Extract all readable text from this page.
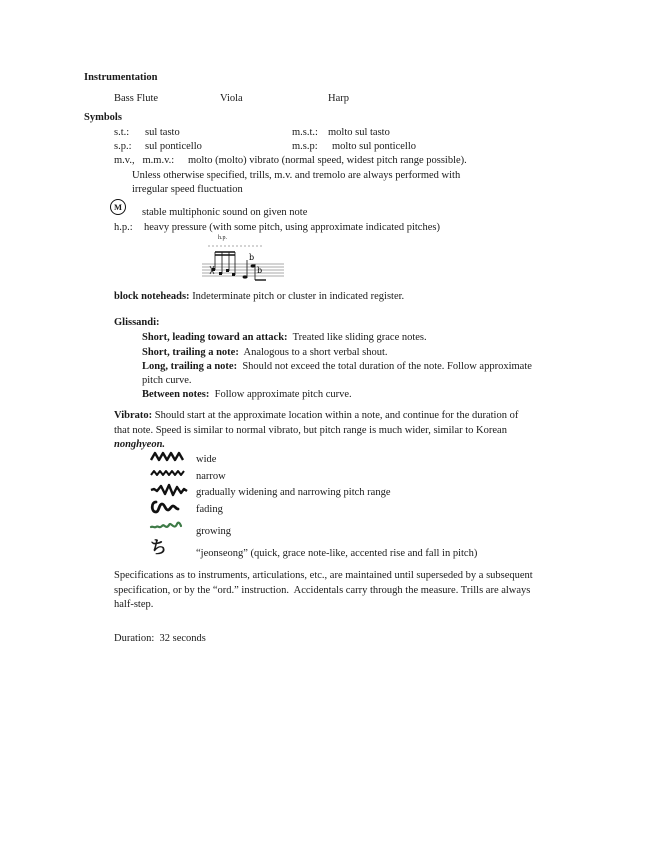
Instrumentation
Bass Flute	Viola	Harp
Symbols
s.t.: sul tasto	m.s.t.: molto sul tasto
s.p.: sul ponticello	m.s.p: molto sul ponticello
m.v.,   m.m.v.: molto (molto) vibrato (normal speed, widest pitch range possible).
Unless otherwise specified, trills, m.v. and tremolo are always performed with
irregular speed fluctuation
M	stable multiphonic sound on given note
h.p.: heavy pressure (with some pitch, using approximate indicated pitches)
h.p.
b
b
block noteheads: Indeterminate pitch or cluster in indicated register.
Glissandi:
Short, leading toward an attack: Treated like sliding grace notes.
Short, trailing a note: Analogous to a short verbal shout.
Long, trailing a note: Should not exceed the total duration of the note. Follow approximate
pitch curve.
Between notes: Follow approximate pitch curve.
Vibrato: Should start at the approximate location within a note, and continue for the duration of
that note. Speed is similar to normal vibrato, but pitch range is much wider, similar to Korean
nonghyeon.
wide
narrow
gradually widening and narrowing pitch range
fading
growing
ち	“jeonseong” (quick, grace note-like, accented rise and fall in pitch)
Specifications as to instruments, articulations, etc., are maintained until superseded by a subsequent
specification, or by the “ord.” instruction.  Accidentals carry through the measure. Trills are always
half-step.
Duration:  32 seconds
